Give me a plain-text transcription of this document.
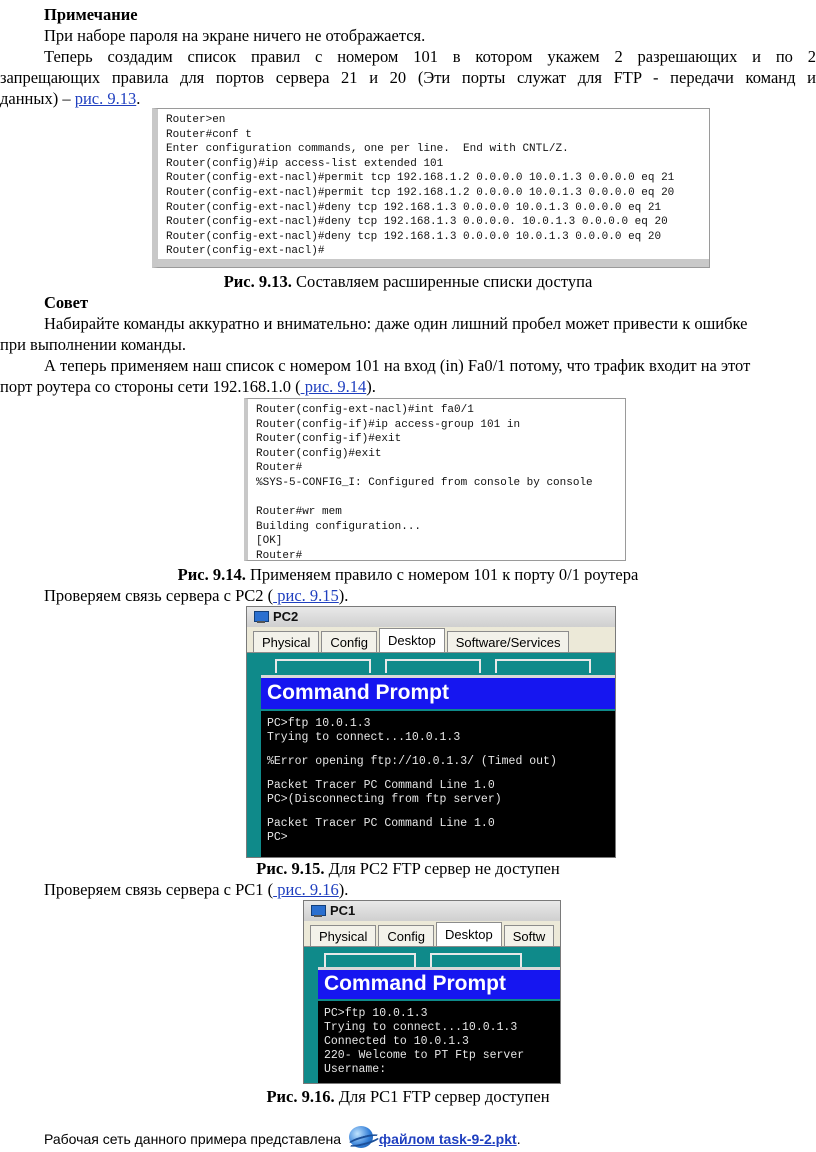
Примечание
При наборе пароля на экране ничего не отображается.
Теперь создадим список правил с номером 101 в котором укажем 2 разрешающих и по 2
запрещающих правила для портов сервера 21 и 20 (Эти порты служат для FTP - передачи команд и
данных) – рис. 9.13.
Router>en
Router#conf t
Enter configuration commands, one per line.  End with CNTL/Z.
Router(config)#ip access-list extended 101
Router(config-ext-nacl)#permit tcp 192.168.1.2 0.0.0.0 10.0.1.3 0.0.0.0 eq 21
Router(config-ext-nacl)#permit tcp 192.168.1.2 0.0.0.0 10.0.1.3 0.0.0.0 eq 20
Router(config-ext-nacl)#deny tcp 192.168.1.3 0.0.0.0 10.0.1.3 0.0.0.0 eq 21
Router(config-ext-nacl)#deny tcp 192.168.1.3 0.0.0.0. 10.0.1.3 0.0.0.0 eq 20
Router(config-ext-nacl)#deny tcp 192.168.1.3 0.0.0.0 10.0.1.3 0.0.0.0 eq 20
Router(config-ext-nacl)#
Рис. 9.13. Составляем расширенные списки доступа
Совет
Набирайте команды аккуратно и внимательно: даже один лишний пробел может привести к ошибке
при выполнении команды.
А теперь применяем наш список с номером 101 на вход (in) Fa0/1 потому, что трафик входит на этот
порт роутера со стороны сети 192.168.1.0 ( рис. 9.14).
Router(config-ext-nacl)#int fa0/1
Router(config-if)#ip access-group 101 in
Router(config-if)#exit
Router(config)#exit
Router#
%SYS-5-CONFIG_I: Configured from console by console
Router#wr mem
Building configuration...
[OK]
Router#
Рис. 9.14. Применяем правило с номером 101 к порту 0/1 роутера
Проверяем связь сервера с PC2 ( рис. 9.15).
PC2
Physical	Config	Desktop	Software/Services
Command Prompt
PC>ftp 10.0.1.3
Trying to connect...10.0.1.3
%Error opening ftp://10.0.1.3/ (Timed out)
Packet Tracer PC Command Line 1.0
PC>(Disconnecting from ftp server)
Packet Tracer PC Command Line 1.0
PC>
Рис. 9.15. Для PC2 FTP сервер не доступен
Проверяем связь сервера с PC1 ( рис. 9.16).
PC1
Physical	Config	Desktop	Softw
Command Prompt
PC>ftp 10.0.1.3
Trying to connect...10.0.1.3
Connected to 10.0.1.3
220- Welcome to PT Ftp server
Username:
Рис. 9.16. Для PC1 FTP сервер доступен
Рабочая сеть данного примера представлена файлом task-9-2.pkt.
